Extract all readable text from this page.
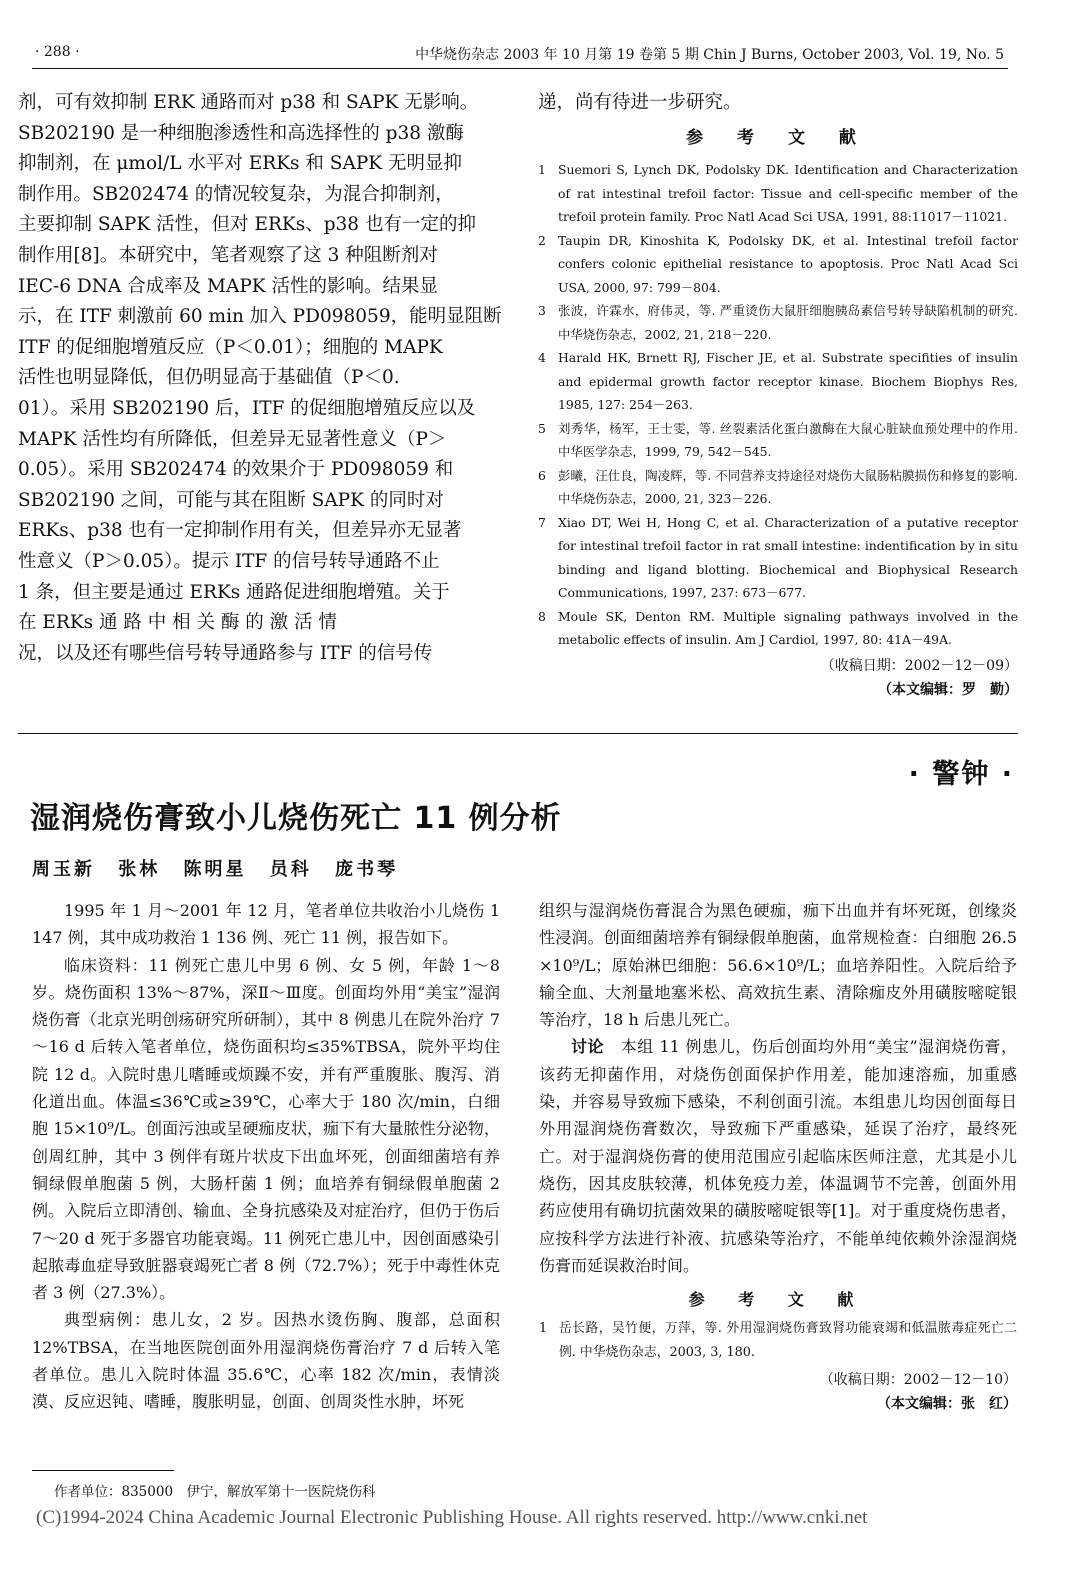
· 288 ·	中华烧伤杂志 2003 年 10 月第 19 卷第 5 期 Chin J Burns, October 2003, Vol. 19, No. 5
剂，可有效抑制 ERK 通路而对 p38 和 SAPK 无影响。
SB202190 是一种细胞渗透性和高选择性的 p38 激酶
抑制剂，在 μmol/L 水平对 ERKs 和 SAPK 无明显抑
制作用。SB202474 的情况较复杂，为混合抑制剂，
主要抑制 SAPK 活性，但对 ERKs、p38 也有一定的抑
制作用[8]。本研究中，笔者观察了这 3 种阻断剂对
IEC-6 DNA 合成率及 MAPK 活性的影响。结果显
示，在 ITF 刺激前 60 min 加入 PD098059，能明显阻断
ITF 的促细胞增殖反应（P＜0.01）；细胞的 MAPK
活性也明显降低，但仍明显高于基础值（P＜0.
01）。采用 SB202190 后，ITF 的促细胞增殖反应以及
MAPK 活性均有所降低，但差异无显著性意义（P＞
0.05）。采用 SB202474 的效果介于 PD098059 和
SB202190 之间，可能与其在阻断 SAPK 的同时对
ERKs、p38 也有一定抑制作用有关，但差异亦无显著
性意义（P＞0.05）。提示 ITF 的信号转导通路不止
1 条，但主要是通过 ERKs 通路促进细胞增殖。关于
在 ERKs 通 路 中 相 关 酶 的 激 活 情
况，以及还有哪些信号转导通路参与 ITF 的信号传
递，尚有待进一步研究。
参 考 文 献
1 Suemori S, Lynch DK, Podolsky DK. Identification and Characterization of rat intestinal trefoil factor: Tissue and cell-specific member of the trefoil protein family. Proc Natl Acad Sci USA, 1991, 88:11017－11021.
2 Taupin DR, Kinoshita K, Podolsky DK, et al. Intestinal trefoil factor confers colonic epithelial resistance to apoptosis. Proc Natl Acad Sci USA, 2000, 97: 799－804.
3 张波，许霖水，府伟灵，等. 严重烫伤大鼠肝细胞胰岛素信号转导缺陷机制的研究. 中华烧伤杂志，2002, 21, 218－220.
4 Harald HK, Brnett RJ, Fischer JE, et al. Substrate specifities of insulin and epidermal growth factor receptor kinase. Biochem Biophys Res, 1985, 127: 254－263.
5 刘秀华，杨军，王士雯，等. 丝裂素活化蛋白激酶在大鼠心脏缺血预处理中的作用. 中华医学杂志，1999, 79, 542－545.
6 彭曦，汪仕良，陶凌辉，等. 不同营养支持途径对烧伤大鼠肠粘膜损伤和修复的影响. 中华烧伤杂志，2000, 21, 323－226.
7 Xiao DT, Wei H, Hong C, et al. Characterization of a putative receptor for intestinal trefoil factor in rat small intestine: indentification by in situ binding and ligand blotting. Biochemical and Biophysical Research Communications, 1997, 237: 673－677.
8 Moule SK, Denton RM. Multiple signaling pathways involved in the metabolic effects of insulin. Am J Cardiol, 1997, 80: 41A－49A.
（收稿日期：2002－12－09）
（本文编辑：罗　勤）
· 警钟 ·
湿润烧伤膏致小儿烧伤死亡 11 例分析
周玉新 张林 陈明星 员科 庞书琴

1995 年 1 月～2001 年 12 月，笔者单位共收治小儿烧伤 1 147 例，其中成功救治 1 136 例、死亡 11 例，报告如下。

临床资料：11 例死亡患儿中男 6 例、女 5 例，年龄 1～8 岁。烧伤面积 13%～87%，深Ⅱ～Ⅲ度。创面均外用“美宝”湿润烧伤膏（北京光明创疡研究所研制），其中 8 例患儿在院外治疗 7～16 d 后转入笔者单位，烧伤面积均≤35%TBSA，院外平均住院 12 d。入院时患儿嗜睡或烦躁不安，并有严重腹胀、腹泻、消化道出血。体温≤36℃或≥39℃，心率大于 180 次/min，白细胞 15×10⁹/L。创面污浊或呈硬痂皮状，痂下有大量脓性分泌物，创周红肿，其中 3 例伴有斑片状皮下出血坏死，创面细菌培有养铜绿假单胞菌 5 例，大肠杆菌 1 例；血培养有铜绿假单胞菌 2 例。入院后立即清创、输血、全身抗感染及对症治疗，但仍于伤后 7～20 d 死于多器官功能衰竭。11 例死亡患儿中，因创面感染引起脓毒血症导致脏器衰竭死亡者 8 例（72.7%）；死于中毒性休克者 3 例（27.3%）。

典型病例：患儿女，2 岁。因热水烫伤胸、腹部，总面积 12%TBSA，在当地医院创面外用湿润烧伤膏治疗 7 d 后转入笔者单位。患儿入院时体温 35.6℃，心率 182 次/min，表情淡漠、反应迟钝、嗜睡，腹胀明显，创面、创周炎性水肿，坏死

组织与湿润烧伤膏混合为黑色硬痂，痂下出血并有坏死斑，创缘炎性浸润。创面细菌培养有铜绿假单胞菌，血常规检查：白细胞 26.5 ×10⁹/L；原始淋巴细胞：56.6×10⁹/L；血培养阳性。入院后给予输全血、大剂量地塞米松、高效抗生素、清除痂皮外用磺胺嘧啶银等治疗，18 h 后患儿死亡。

讨论　 本组 11 例患儿，伤后创面均外用“美宝”湿润烧伤膏，该药无抑菌作用，对烧伤创面保护作用差，能加速溶痂，加重感染，并容易导致痂下感染，不利创面引流。本组患儿均因创面每日外用湿润烧伤膏数次，导致痂下严重感染，延误了治疗，最终死亡。对于湿润烧伤膏的使用范围应引起临床医师注意，尤其是小儿烧伤，因其皮肤较薄，机体免疫力差，体温调节不完善，创面外用药应使用有确切抗菌效果的磺胺嘧啶银等[1]。对于重度烧伤患者，应按科学方法进行补液、抗感染等治疗，不能单纯依赖外涂湿润烧伤膏而延误救治时间。

参 考 文 献
1 岳长路，吴竹便，万萍，等. 外用湿润烧伤膏致肾功能衰竭和低温脓毒症死亡二例. 中华烧伤杂志，2003, 3, 180.
（收稿日期：2002－12－10）
（本文编辑：张　红）
作者单位：835000　伊宁，解放军第十一医院烧伤科
(C)1994-2024 China Academic Journal Electronic Publishing House. All rights reserved. http://www.cnki.net
